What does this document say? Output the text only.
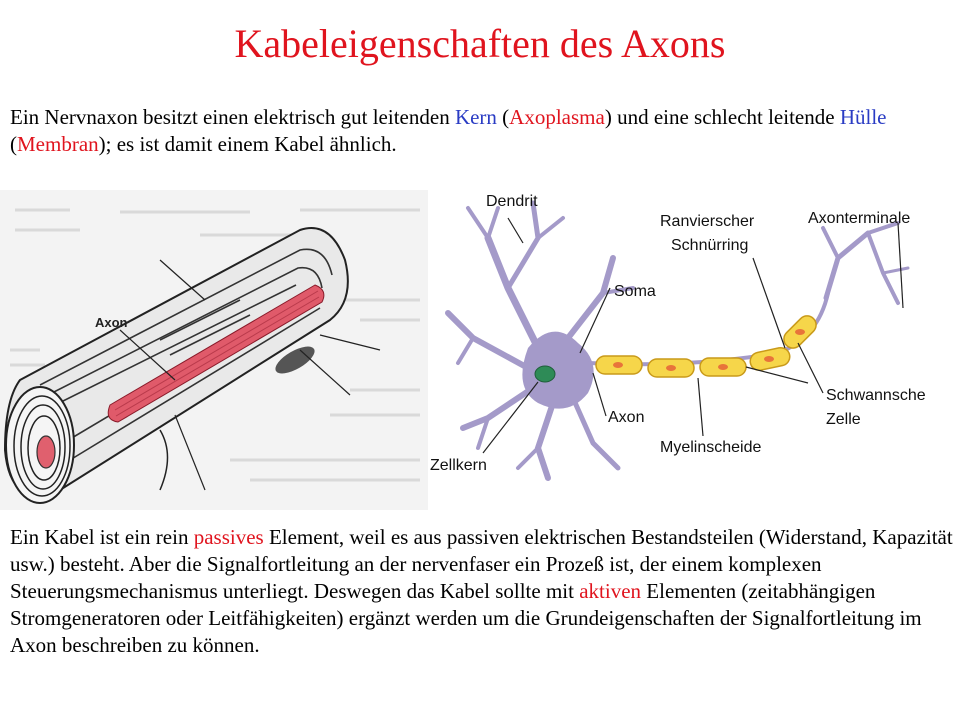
Kabeleigenschaften des Axons

Ein Nervnaxon besitzt einen elektrisch gut leitenden Kern (Axoplasma) und eine schlecht leitende Hülle (Membran); es ist damit einem Kabel ähnlich.

Axon
Dendrit
Ranvierscher
Schnürring
Axonterminale
Soma
Schwannsche
Zelle
Axon
Myelinscheide
Zellkern

Ein Kabel ist ein rein passives Element, weil es aus passiven elektrischen Bestandsteilen (Widerstand, Kapazität usw.) besteht. Aber die Signalfortleitung an der nervenfaser ein Prozeß ist, der einem komplexen Steuerungsmechanismus unterliegt. Deswegen das Kabel sollte mit aktiven Elementen (zeitabhängigen Stromgeneratoren oder Leitfähigkeiten) ergänzt werden um die Grundeigenschaften der Signalfortleitung im Axon beschreiben zu können.
